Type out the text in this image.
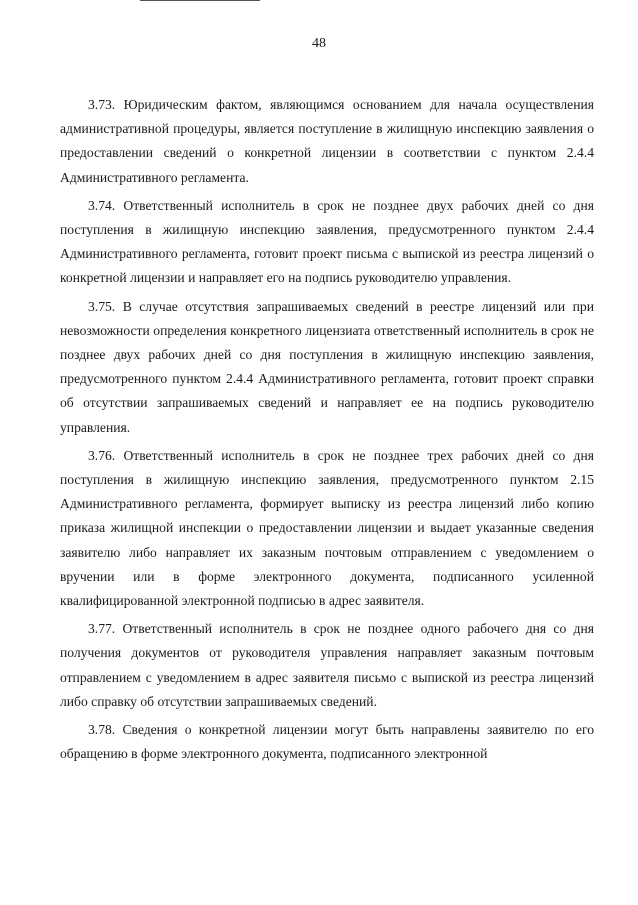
48

3.73. Юридическим фактом, являющимся основанием для начала осуществления административной процедуры, является поступление в жилищную инспекцию заявления о предоставлении сведений о конкретной лицензии в соответствии с пунктом 2.4.4 Административного регламента.

3.74. Ответственный исполнитель в срок не позднее двух рабочих дней со дня поступления в жилищную инспекцию заявления, предусмотренного пунктом 2.4.4 Административного регламента, готовит проект письма с выпиской из реестра лицензий о конкретной лицензии и направляет его на подпись руководителю управления.

3.75. В случае отсутствия запрашиваемых сведений в реестре лицензий или при невозможности определения конкретного лицензиата ответственный исполнитель в срок не позднее двух рабочих дней со дня поступления в жилищную инспекцию заявления, предусмотренного пунктом 2.4.4 Административного регламента, готовит проект справки об отсутствии запрашиваемых сведений и направляет ее на подпись руководителю управления.

3.76. Ответственный исполнитель в срок не позднее трех рабочих дней со дня поступления в жилищную инспекцию заявления, предусмотренного пунктом 2.15 Административного регламента, формирует выписку из реестра лицензий либо копию приказа жилищной инспекции о предоставлении лицензии и выдает указанные сведения заявителю либо направляет их заказным почтовым отправлением с уведомлением о вручении или в форме электронного документа, подписанного усиленной квалифицированной электронной подписью в адрес заявителя.

3.77. Ответственный исполнитель в срок не позднее одного рабочего дня со дня получения документов от руководителя управления направляет заказным почтовым отправлением с уведомлением в адрес заявителя письмо с выпиской из реестра лицензий либо справку об отсутствии запрашиваемых сведений.

3.78. Сведения о конкретной лицензии могут быть направлены заявителю по его обращению в форме электронного документа, подписанного электронной
